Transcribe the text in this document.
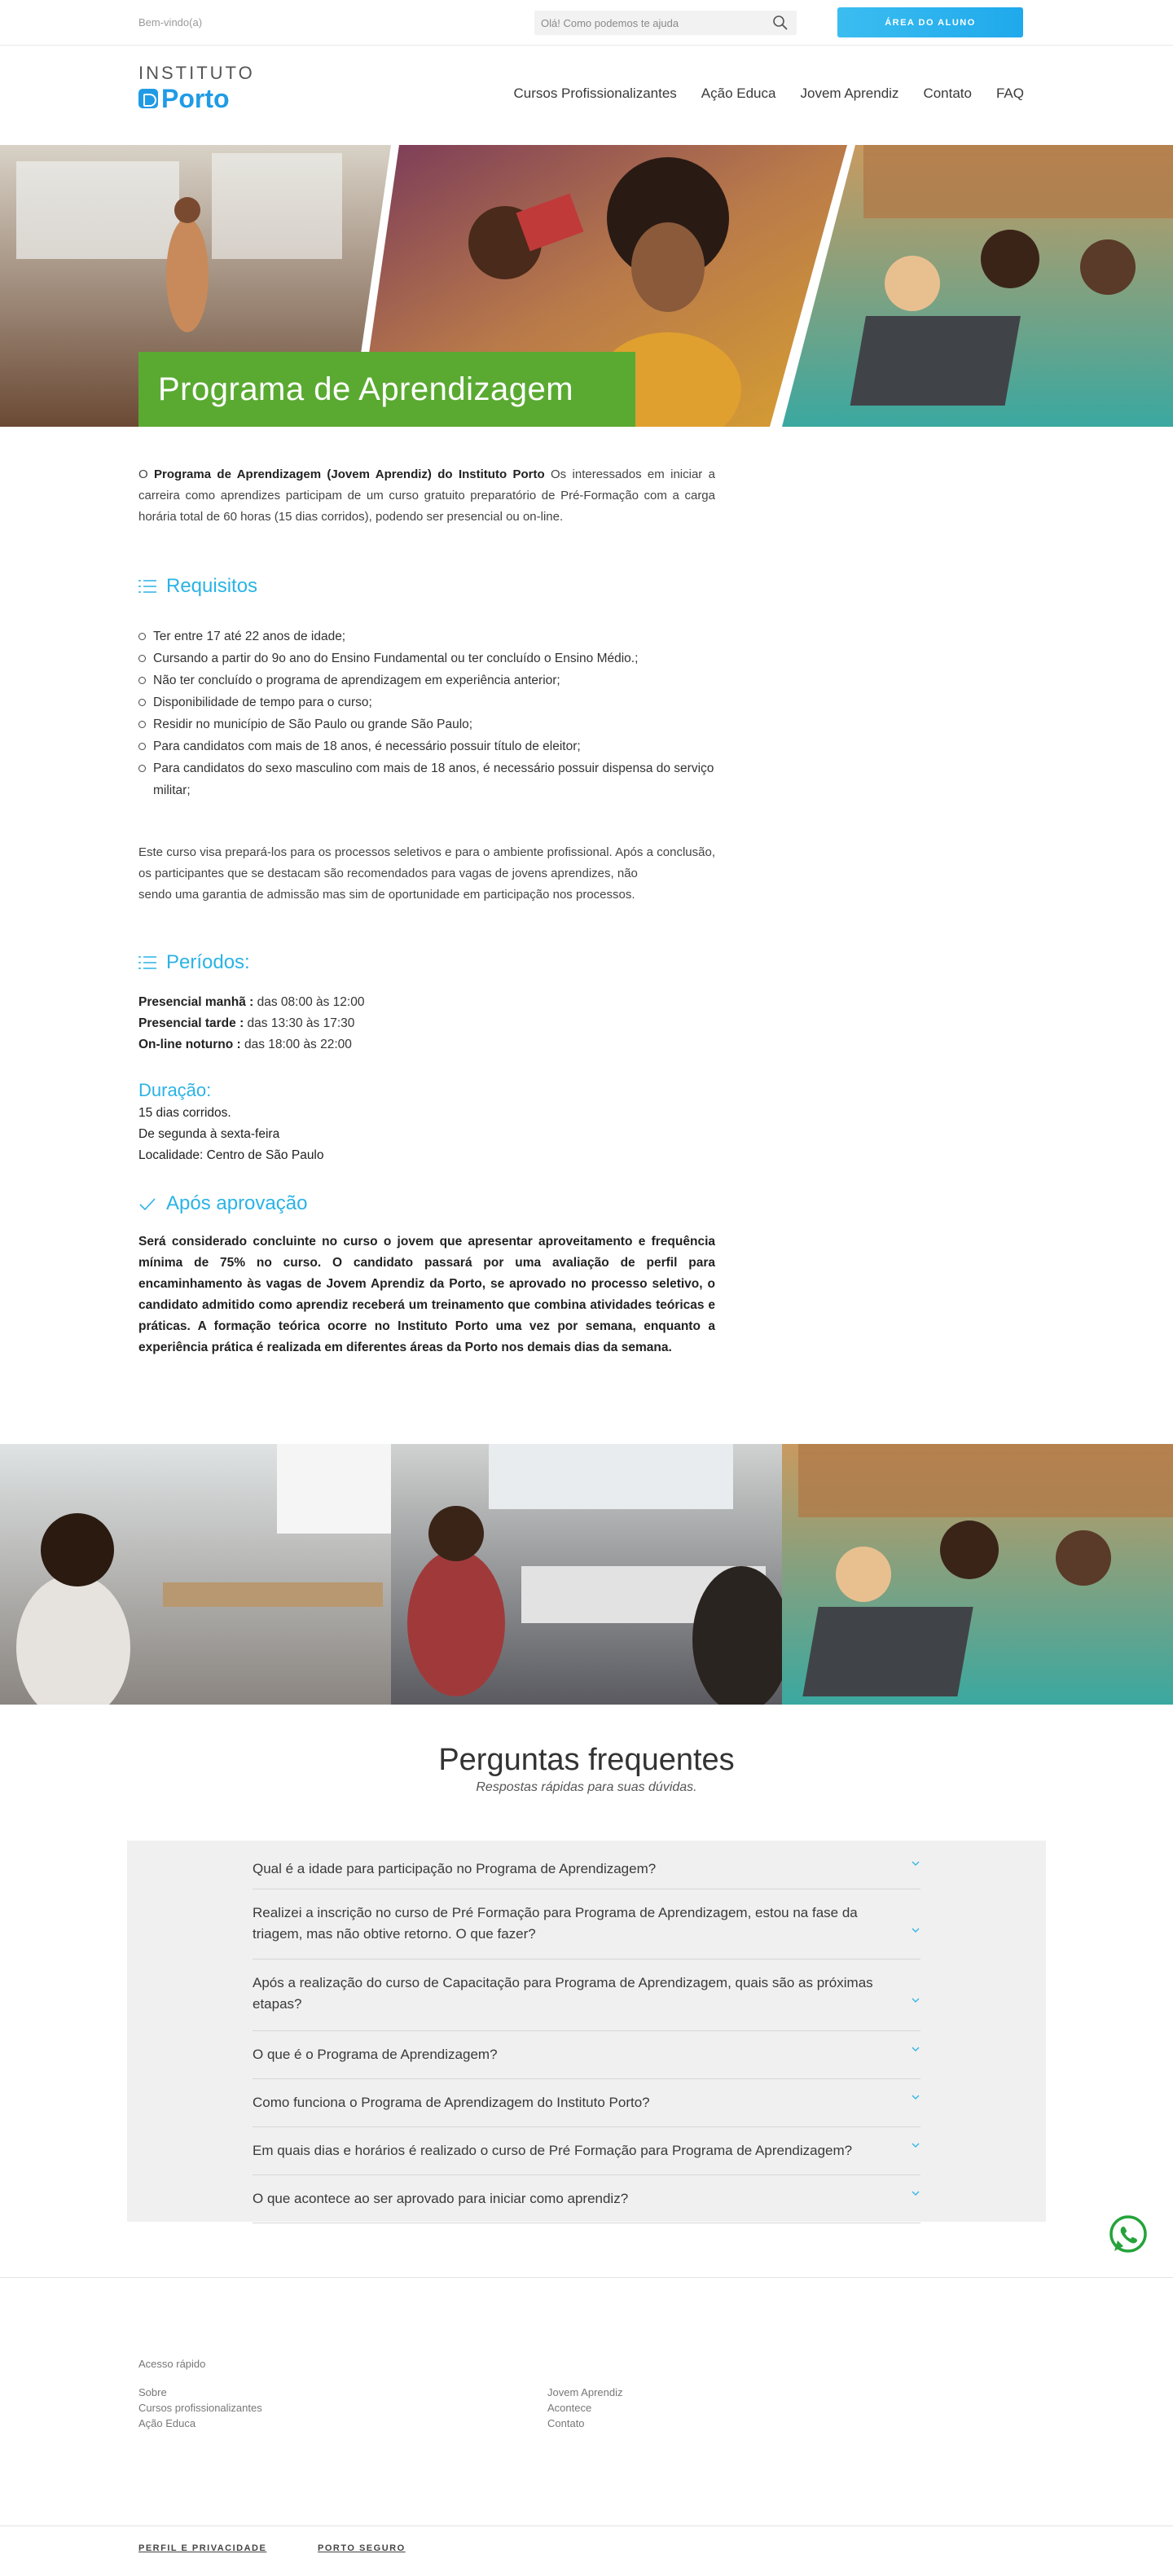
Bem-vindo(a)
Olá! Como podemos te ajuda	ÁREA DO ALUNO
INSTITUTO
Porto	Cursos Profissionalizantes Ação Educa Jovem Aprendiz Contato FAQ
Programa de Aprendizagem

O Programa de Aprendizagem (Jovem Aprendiz) do Instituto Porto Os interessados em iniciar a carreira como aprendizes participam de um curso gratuito preparatório de Pré-Formação com a carga horária total de 60 horas (15 dias corridos), podendo ser presencial ou on-line.

Requisitos
Ter entre 17 até 22 anos de idade;
Cursando a partir do 9o ano do Ensino Fundamental ou ter concluído o Ensino Médio.;
Não ter concluído o programa de aprendizagem em experiência anterior;
Disponibilidade de tempo para o curso;
Residir no município de São Paulo ou grande São Paulo;
Para candidatos com mais de 18 anos, é necessário possuir título de eleitor;
Para candidatos do sexo masculino com mais de 18 anos, é necessário possuir dispensa do serviço militar;

Este curso visa prepará-los para os processos seletivos e para o ambiente profissional. Após a conclusão, os participantes que se destacam são recomendados para vagas de jovens aprendizes, não

sendo uma garantia de admissão mas sim de oportunidade em participação nos processos.

Períodos:
Presencial manhã : das 08:00 às 12:00
Presencial tarde : das 13:30 às 17:30
On-line noturno : das 18:00 às 22:00
Duração:
15 dias corridos.
De segunda à sexta-feira
Localidade: Centro de São Paulo
Após aprovação

Será considerado concluinte no curso o jovem que apresentar aproveitamento e frequência mínima de 75% no curso. O candidato passará por uma avaliação de perfil para encaminhamento às vagas de Jovem Aprendiz da Porto, se aprovado no processo seletivo, o candidato admitido como aprendiz receberá um treinamento que combina atividades teóricas e práticas. A formação teórica ocorre no Instituto Porto uma vez por semana, enquanto a experiência prática é realizada em diferentes áreas da Porto nos demais dias da semana.

Perguntas frequentes

Respostas rápidas para suas dúvidas.

Qual é a idade para participação no Programa de Aprendizagem?
Realizei a inscrição no curso de Pré Formação para Programa de Aprendizagem, estou na fase da triagem, mas não obtive retorno. O que fazer?
Após a realização do curso de Capacitação para Programa de Aprendizagem, quais são as próximas etapas?
O que é o Programa de Aprendizagem?
Como funciona o Programa de Aprendizagem do Instituto Porto?
Em quais dias e horários é realizado o curso de Pré Formação para Programa de Aprendizagem?
O que acontece ao ser aprovado para iniciar como aprendiz?
Acesso rápido
Sobre
Cursos profissionalizantes
Ação Educa
Jovem Aprendiz
Acontece
Contato
PERFIL E PRIVACIDADE	PORTO SEGURO
